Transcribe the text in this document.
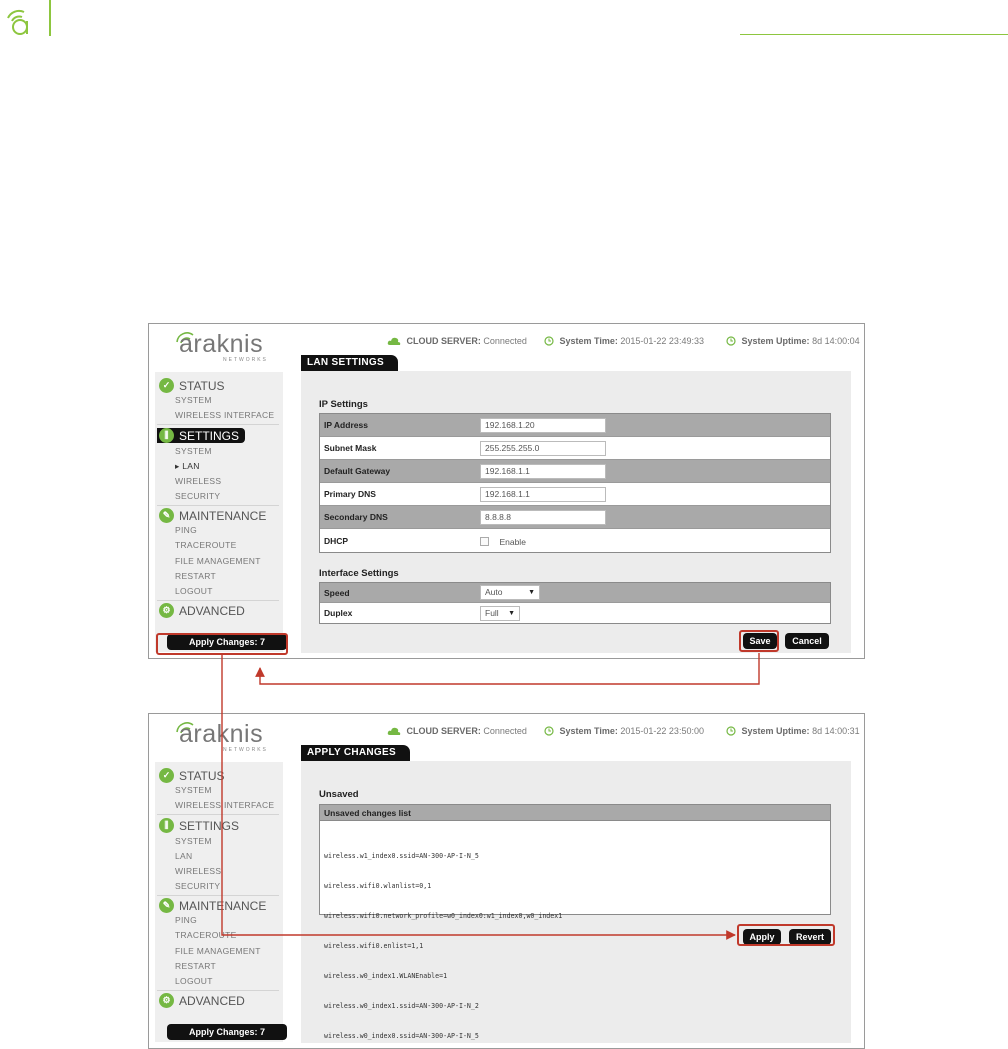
araknis
NETWORKS
CLOUD SERVER: Connected	System Time: 2015-01-22 23:49:33	System Uptime: 8d 14:00:04
✓ STATUS
SYSTEM
WIRELESS INTERFACE
⫼ SETTINGS
SYSTEM
▸ LAN
WIRELESS
SECURITY
✎ MAINTENANCE
PING
TRACEROUTE
FILE MANAGEMENT
RESTART
LOGOUT
⚙ ADVANCED
Apply Changes: 7
LAN SETTINGS
IP Settings
IP Address	192.168.1.20
Subnet Mask	255.255.255.0
Default Gateway	192.168.1.1
Primary DNS	192.168.1.1
Secondary DNS	8.8.8.8
DHCP	Enable
Interface Settings
Speed	Auto	▼
Duplex	Full ▼
Save	Cancel
araknis
NETWORKS
CLOUD SERVER: Connected	System Time: 2015-01-22 23:50:00	System Uptime: 8d 14:00:31
✓ STATUS
SYSTEM
WIRELESS INTERFACE
⫼ SETTINGS
SYSTEM
LAN
WIRELESS
SECURITY
✎ MAINTENANCE
PING
TRACEROUTE
FILE MANAGEMENT
RESTART
LOGOUT
⚙ ADVANCED
Apply Changes: 7
APPLY CHANGES
Unsaved
Unsaved changes list

wireless.w1_index0.ssid=AN-300-AP-I-N_5

wireless.wifi0.wlanlist=0,1

wireless.wifi0.network_profile=w0_index0:w1_index0,w0_index1

wireless.wifi0.enlist=1,1

wireless.w0_index1.WLANEnable=1

wireless.w0_index1.ssid=AN-300-AP-I-N_2

wireless.w0_index0.ssid=AN-300-AP-I-N_5

Apply	Revert
